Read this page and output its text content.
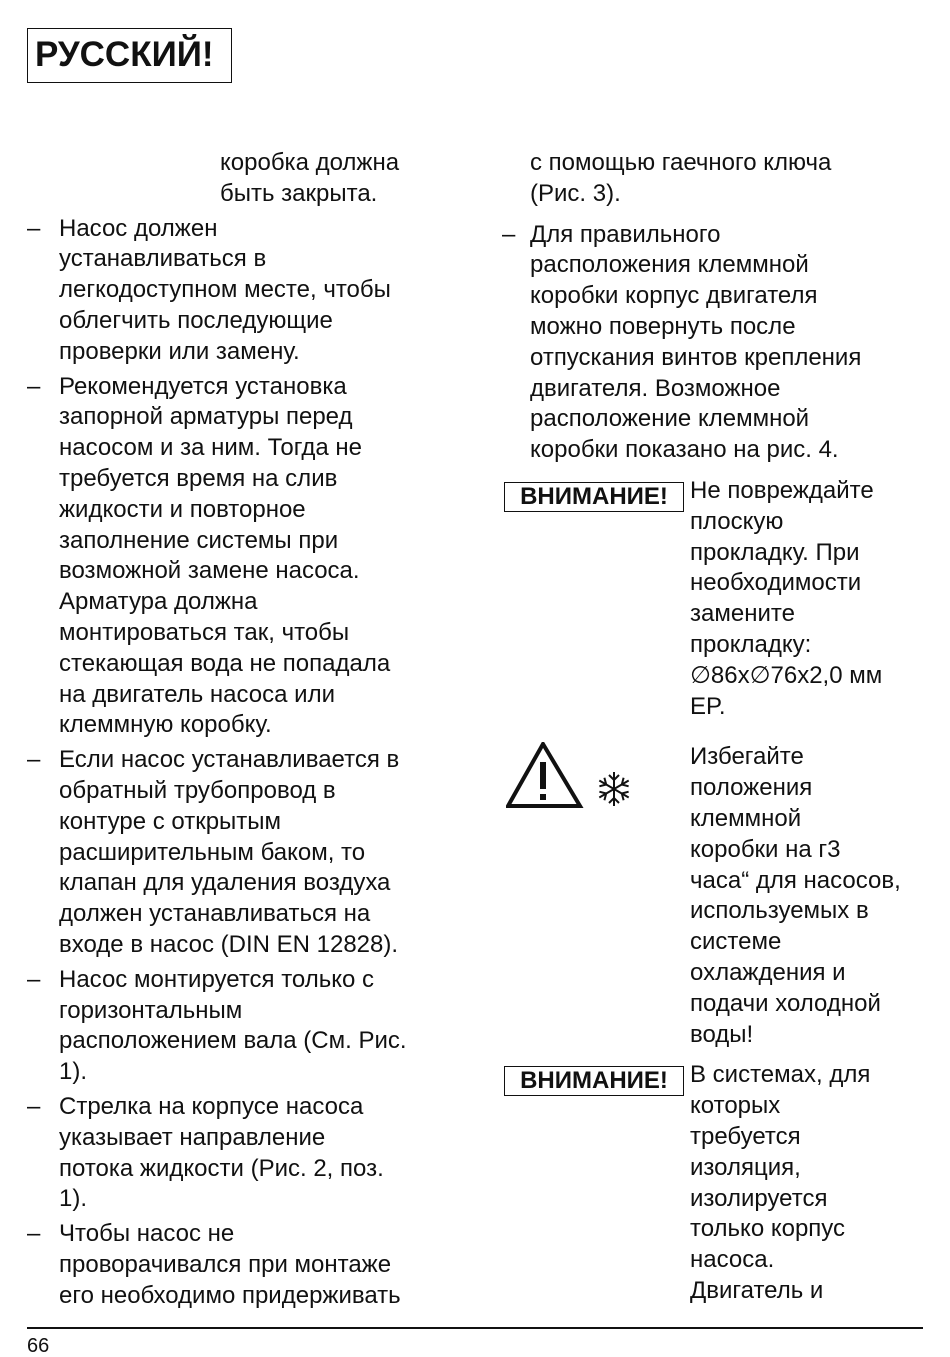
РУССКИЙ!
коробка должна
быть закрыта.
– Насос должен
устанавливаться в
легкодоступном месте, чтобы
облегчить последующие
проверки или замену.
– Рекомендуется установка
запорной арматуры перед
насосом и за ним. Тогда не
требуется время на слив
жидкости и повторное
заполнение системы при
возможной замене насоса.
Арматура должна
монтироваться так, чтобы
стекающая вода не попадала
на двигатель насоса или
клеммную коробку.
– Если насос устанавливается в
обратный трубопровод в
контуре с открытым
расширительным баком, то
клапан для удаления воздуха
должен устанавливаться на
входе в насос (DIN EN 12828).
– Насос монтируется только с
горизонтальным
расположением вала (См. Рис.
1).
– Стрелка на корпусе насоса
указывает направление
потока жидкости (Рис. 2, поз.
1).
– Чтобы насос не
проворачивался при монтаже
его необходимо придерживать
с помощью гаечного ключа
(Рис. 3).
– Для правильного
расположения клеммной
коробки корпус двигателя
можно повернуть после
отпускания винтов крепления
двигателя. Возможное
расположение клеммной
коробки показано на рис. 4.
ВНИМАНИЕ! Не повреждайте
плоскую
прокладку. При
необходимости
замените
прокладку:
∅86x∅76x2,0 мм
EP.
Избегайте
положения
клеммной
коробки на г3
часа“ для насосов,
используемых в
системе
охлаждения и
подачи холодной
воды!
ВНИМАНИЕ! В системах, для
которых
требуется
изоляция,
изолируется
только корпус
насоса.
Двигатель и
66
